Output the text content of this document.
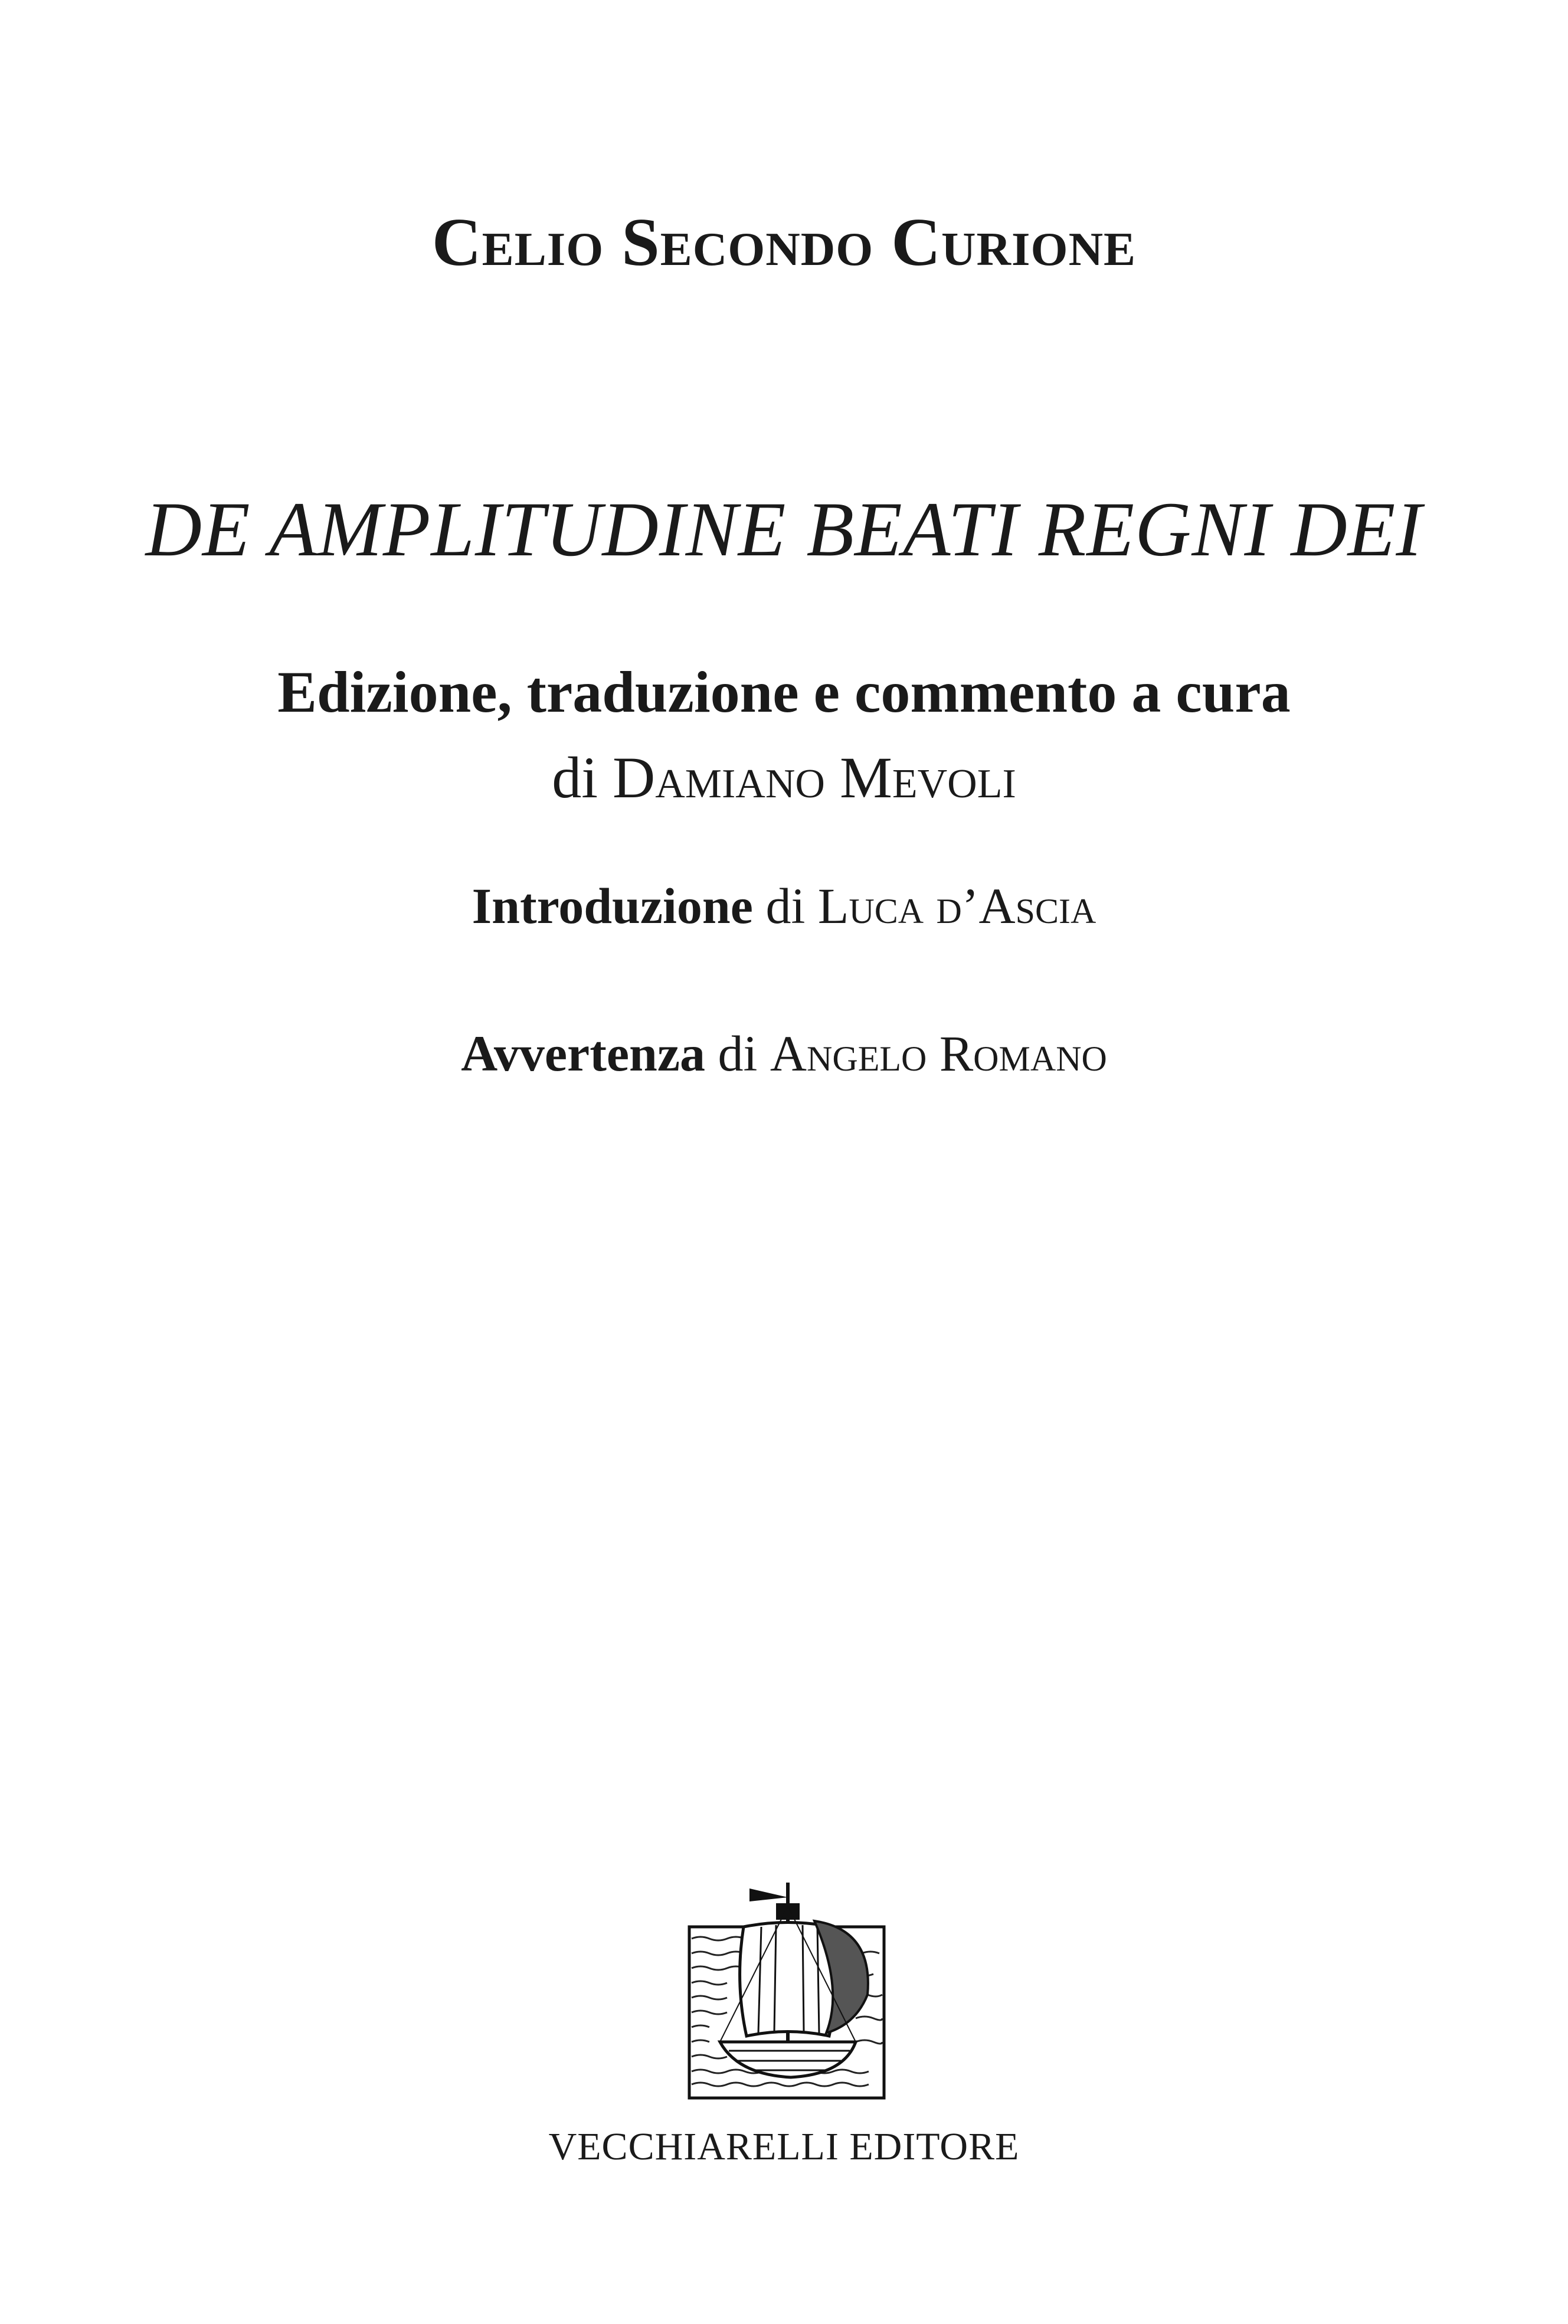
Celio Secondo Curione
DE AMPLITUDINE BEATI REGNI DEI
Edizione, traduzione e commento a cura
di Damiano Mevoli
Introduzione di Luca d’Ascia
Avvertenza di Angelo Romano
VECCHIARELLI EDITORE
